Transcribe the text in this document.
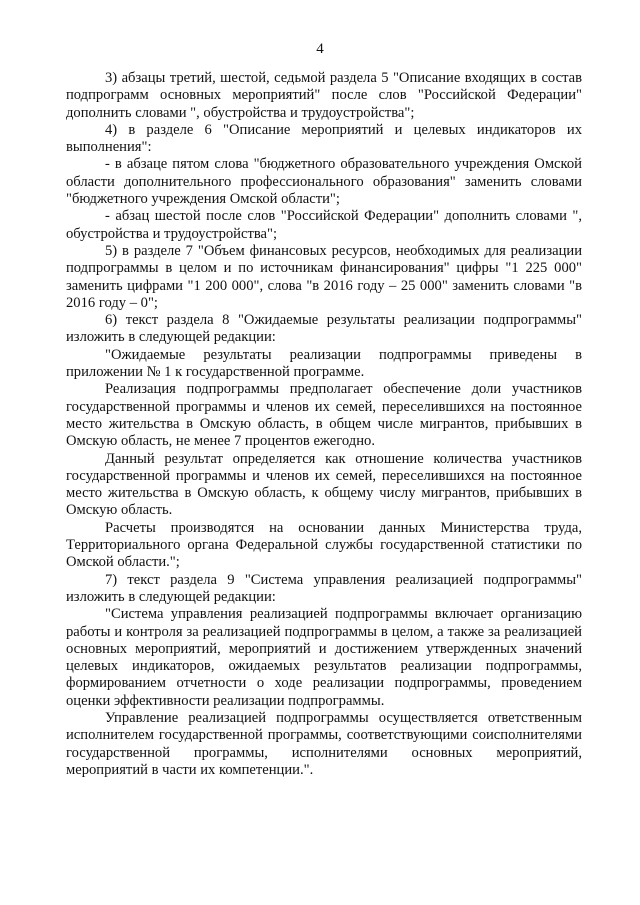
4

3) абзацы третий, шестой, седьмой раздела 5 "Описание входящих в состав подпрограмм основных мероприятий" после слов "Российской Федерации" дополнить словами ", обустройства и трудоустройства";

4) в разделе 6 "Описание мероприятий и целевых индикаторов их выполнения":

- в абзаце пятом слова "бюджетного образовательного учреждения Омской области дополнительного профессионального образования" заменить словами "бюджетного учреждения Омской области";

- абзац шестой после слов "Российской Федерации" дополнить словами ", обустройства и трудоустройства";

5) в разделе 7 "Объем финансовых ресурсов, необходимых для реализации подпрограммы в целом и по источникам финансирования" цифры "1 225 000" заменить цифрами "1 200 000", слова "в 2016 году – 25 000" заменить словами "в 2016 году – 0";

6) текст раздела 8 "Ожидаемые результаты реализации подпрограммы" изложить в следующей редакции:

"Ожидаемые результаты реализации подпрограммы приведены в приложении № 1 к государственной программе.

Реализация подпрограммы предполагает обеспечение доли участников государственной программы и членов их семей, переселившихся на постоянное место жительства в Омскую область, в общем числе мигрантов, прибывших в Омскую область, не менее 7 процентов ежегодно.

Данный результат определяется как отношение количества участников государственной программы и членов их семей, переселившихся на постоянное место жительства в Омскую область, к общему числу мигрантов, прибывших в Омскую область.

Расчеты производятся на основании данных Министерства труда, Территориального органа Федеральной службы государственной статистики по Омской области.";

7) текст раздела 9 "Система управления реализацией подпрограммы" изложить в следующей редакции:

"Система управления реализацией подпрограммы включает организацию работы и контроля за реализацией подпрограммы в целом, а также за реализацией основных мероприятий, мероприятий и достижением утвержденных значений целевых индикаторов, ожидаемых результатов реализации подпрограммы, формированием отчетности о ходе реализации подпрограммы, проведением оценки эффективности реализации подпрограммы.

Управление реализацией подпрограммы осуществляется ответственным исполнителем государственной программы, соответствующими соисполнителями государственной программы, исполнителями основных мероприятий, мероприятий в части их компетенции.".
